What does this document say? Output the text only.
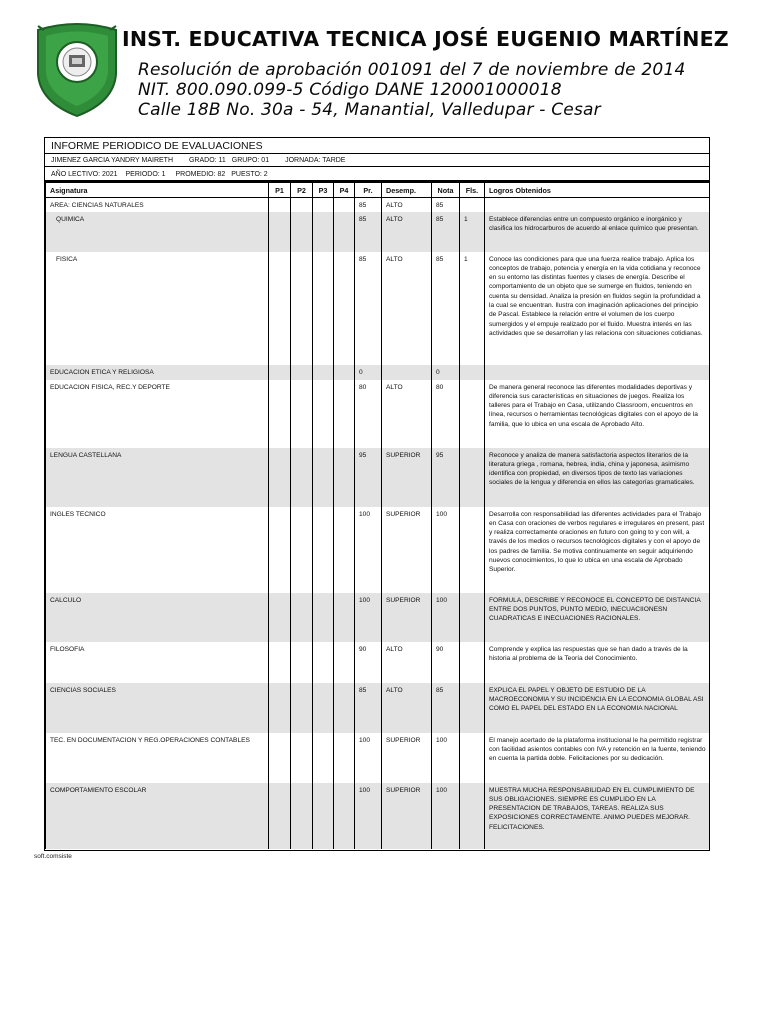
INST. EDUCATIVA TECNICA JOSÉ EUGENIO MARTÍNEZ
Resolución de aprobación 001091 del 7 de noviembre de 2014
NIT. 800.090.099-5 Código DANE 120001000018
Calle 18B No. 30a - 54, Manantial, Valledupar - Cesar
INFORME PERIODICO DE EVALUACIONES
JIMENEZ GARCIA YANDRY MAIRETH GRADO: 11 GRUPO: 01 JORNADA: TARDE
AÑO LECTIVO: 2021 PERIODO: 1 PROMEDIO: 82 PUESTO: 2
Asignatura	P1	P2	P3	P4	Pr.	Desemp.	Nota	Fls.	Logros Obtenidos
AREA: CIENCIAS NATURALES					85	ALTO	85		
QUIMICA					85	ALTO	85	1	Establece diferencias entre un compuesto orgánico e inorgánico y clasifica los hidrocarburos de acuerdo al enlace químico que presentan.
FISICA					85	ALTO	85	1	Conoce las condiciones para que una fuerza realice trabajo. Aplica los conceptos de trabajo, potencia y energía en la vida cotidiana y reconoce en su entorno las distintas fuentes y clases de energía. Describe el comportamiento de un objeto que se sumerge en fluidos, teniendo en cuenta su densidad. Analiza la presión en fluidos según la profundidad a la cual se encuentran. Ilustra con imaginación aplicaciones del principio de Pascal. Establece la relación entre el volumen de los cuerpo sumergidos y el empuje realizado por el fluido. Muestra interés en las actividades que se desarrollan y las relaciona con situaciones cotidianas.
EDUCACION ETICA Y RELIGIOSA					0		0		
EDUCACION FISICA, REC.Y DEPORTE					80	ALTO	80		De manera general reconoce las diferentes modalidades deportivas y diferencia sus características en situaciones de juegos. Realiza los talleres para el Trabajo en Casa, utilizando Classroom, encuentros en línea, recursos o herramientas tecnológicas digitales con el apoyo de la familia, que lo ubica en una escala de Aprobado Alto.
LENGUA CASTELLANA					95	SUPERIOR	95		Reconoce y analiza de manera satisfactoria aspectos literarios de la literatura griega , romana, hebrea, india, china y japonesa, asimismo identifica con propiedad, en diversos tipos de texto las variaciones sociales de la lengua y diferencia en ellos las categorías gramaticales.
INGLES TECNICO					100	SUPERIOR	100		Desarrolla con responsabilidad las diferentes actividades para el Trabajo en Casa con oraciones de verbos regulares e irregulares en present, past y realiza correctamente oraciones en futuro con going to y con will, a través de los medios o recursos tecnológicos digitales y con el apoyo de los padres de familia. Se motiva continuamente en seguir adquiriendo nuevos conocimientos, lo que lo ubica en una escala de Aprobado Superior.
CALCULO					100	SUPERIOR	100		FORMULA, DESCRIBE Y RECONOCE EL CONCEPTO DE DISTANCIA ENTRE DOS PUNTOS, PUNTO MEDIO, INECUACIIONESN CUADRATICAS E INECUACIONES RACIONALES.
FILOSOFIA					90	ALTO	90		Comprende y explica las respuestas que se han dado a través de la historia al problema de la Teoría del Conocimiento.
CIENCIAS SOCIALES					85	ALTO	85		EXPLICA EL PAPEL Y OBJETO DE ESTUDIO DE LA MACROECONOMIA Y SU INCIDENCIA EN LA ECONOMIA GLOBAL ASI COMO EL PAPEL DEL ESTADO EN LA ECONOMIA NACIONAL
TEC. EN DOCUMENTACION Y REG.OPERACIONES CONTABLES					100	SUPERIOR	100		El manejo acertado de la plataforma institucional le ha permitido registrar con facilidad asientos contables con IVA y retención en la fuente, teniendo en cuenta la partida doble. Felicitaciones por su dedicación.
COMPORTAMIENTO ESCOLAR					100	SUPERIOR	100		MUESTRA MUCHA RESPONSABILIDAD EN EL CUMPLIMIENTO DE SUS OBLIGACIONES. SIEMPRE ES CUMPLIDO EN LA PRESENTACION DE TRABAJOS, TAREAS. REALIZA SUS EXPOSICIONES CORRECTAMENTE. ANIMO PUEDES MEJORAR. FELICITACIONES.
soft.comsiste
